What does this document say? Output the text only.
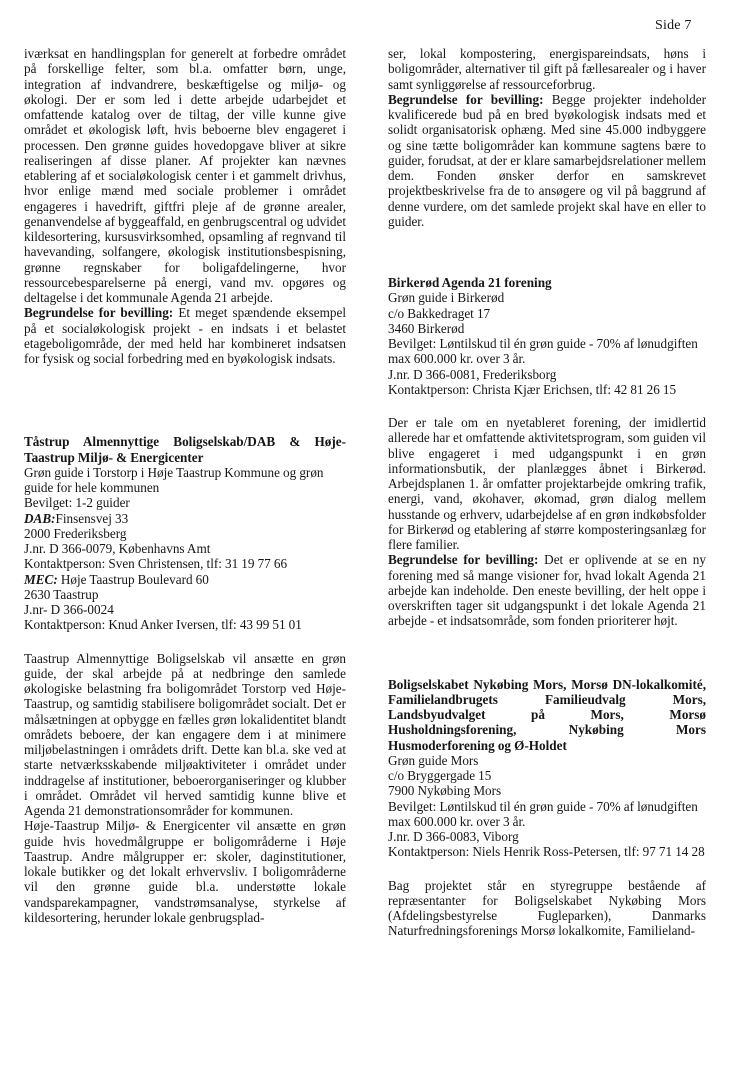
Side 7

iværksat en handlingsplan for generelt at forbedre området på forskellige felter, som bl.a. omfatter børn, unge, integration af indvandrere, beskæftigelse og miljø- og økologi. Der er som led i dette arbejde udarbejdet et omfattende katalog over de tiltag, der ville kunne give området et økologisk løft, hvis beboerne blev engageret i processen. Den grønne guides hovedopgave bliver at sikre realiseringen af disse planer. Af projekter kan nævnes etablering af et socialøkologisk center i et gammelt drivhus, hvor enlige mænd med sociale problemer i området engageres i havedrift, giftfri pleje af de grønne arealer, genanvendelse af byggeaffald, en genbrugscentral og udvidet kildesortering, kursusvirksomhed, opsamling af regnvand til havevanding, solfangere, økologisk institutionsbespisning, grønne regnskaber for boligafdelingerne, hvor ressourcebesparelserne på energi, vand mv. opgøres og deltagelse i det kommunale Agenda 21 arbejde.

Begrundelse for bevilling: Et meget spændende eksempel på et socialøkologisk projekt - en indsats i et belastet etageboligområde, der med held har kombineret indsatsen for fysisk og social forbedring med en byøkologisk indsats.

Tåstrup Almennyttige Boligselskab/DAB & Høje-Taastrup Miljø- & Energicenter

Grøn guide i Torstorp i Høje Taastrup Kommune og grøn guide for hele kommunen

Bevilget: 1-2 guider

DAB:Finsensvej 33

2000 Frederiksberg

J.nr. D 366-0079, Københavns Amt

Kontaktperson: Sven Christensen, tlf: 31 19 77 66

MEC: Høje Taastrup Boulevard 60

2630 Taastrup

J.nr- D 366-0024

Kontaktperson: Knud Anker Iversen, tlf: 43 99 51 01

Taastrup Almennyttige Boligselskab vil ansætte en grøn guide, der skal arbejde på at nedbringe den samlede økologiske belastning fra boligområdet Torstorp ved Høje-Taastrup, og samtidig stabilisere boligområdet socialt. Det er målsætningen at opbygge en fælles grøn lokalidentitet blandt områdets beboere, der kan engagere dem i at minimere miljøbelastningen i områdets drift. Dette kan bl.a. ske ved at starte netværksskabende miljøaktiviteter i området under inddragelse af institutioner, beboerorganiseringer og klubber i området. Området vil herved samtidig kunne blive et Agenda 21 demonstrationsområder for kommunen.

Høje-Taastrup Miljø- & Energicenter vil ansætte en grøn guide hvis hovedmålgruppe er boligområderne i Høje Taastrup. Andre målgrupper er: skoler, daginstitutioner, lokale butikker og det lokalt erhvervsliv. I boligområderne vil den grønne guide bl.a. understøtte lokale vandsparekampagner, vandstrømsanalyse, styrkelse af kildesortering, herunder lokale genbrugsplad-

ser, lokal kompostering, energispareindsats, høns i boligområder, alternativer til gift på fællesarealer og i haver samt synliggørelse af ressourceforbrug.

Begrundelse for bevilling: Begge projekter indeholder kvalificerede bud på en bred byøkologisk indsats med et solidt organisatorisk ophæng. Med sine 45.000 indbyggere og sine tætte boligområder kan kommune sagtens bære to guider, forudsat, at der er klare samarbejdsrelationer mellem dem. Fonden ønsker derfor en samskrevet projektbeskrivelse fra de to ansøgere og vil på baggrund af denne vurdere, om det samlede projekt skal have en eller to guider.

Birkerød Agenda 21 forening

Grøn guide i Birkerød

c/o Bakkedraget 17

3460 Birkerød

Bevilget: Løntilskud til én grøn guide - 70% af lønudgiften max 600.000 kr. over 3 år.

J.nr. D 366-0081, Frederiksborg

Kontaktperson: Christa Kjær Erichsen, tlf: 42 81 26 15

Der er tale om en nyetableret forening, der imidlertid allerede har et omfattende aktivitetsprogram, som guiden vil blive engageret i med udgangspunkt i en grøn informationsbutik, der planlægges åbnet i Birkerød. Arbejdsplanen 1. år omfatter projektarbejde omkring trafik, energi, vand, økohaver, økomad, grøn dialog mellem husstande og erhverv, udarbejdelse af en grøn indkøbsfolder for Birkerød og etablering af større komposteringsanlæg for flere familier.

Begrundelse for bevilling: Det er oplivende at se en ny forening med så mange visioner for, hvad lokalt Agenda 21 arbejde kan indeholde. Den eneste bevilling, der helt oppe i overskriften tager sit udgangspunkt i det lokale Agenda 21 arbejde - et indsatsområde, som fonden prioriterer højt.

Boligselskabet Nykøbing Mors, Morsø DN-lokalkomité, Familielandbrugets Familieudvalg Mors, Landsbyudvalget på Mors, Morsø Husholdningsforening, Nykøbing Mors Husmoderforening og Ø-Holdet

Grøn guide Mors

c/o Bryggergade 15

7900 Nykøbing Mors

Bevilget: Løntilskud til én grøn guide - 70% af lønudgiften max 600.000 kr. over 3 år.

J.nr. D 366-0083, Viborg

Kontaktperson: Niels Henrik Ross-Petersen, tlf: 97 71 14 28

Bag projektet står en styregruppe bestående af repræsentanter for Boligselskabet Nykøbing Mors (Afdelingsbestyrelse Fugleparken), Danmarks Naturfredningsforenings Morsø lokalkomite, Familieland-
